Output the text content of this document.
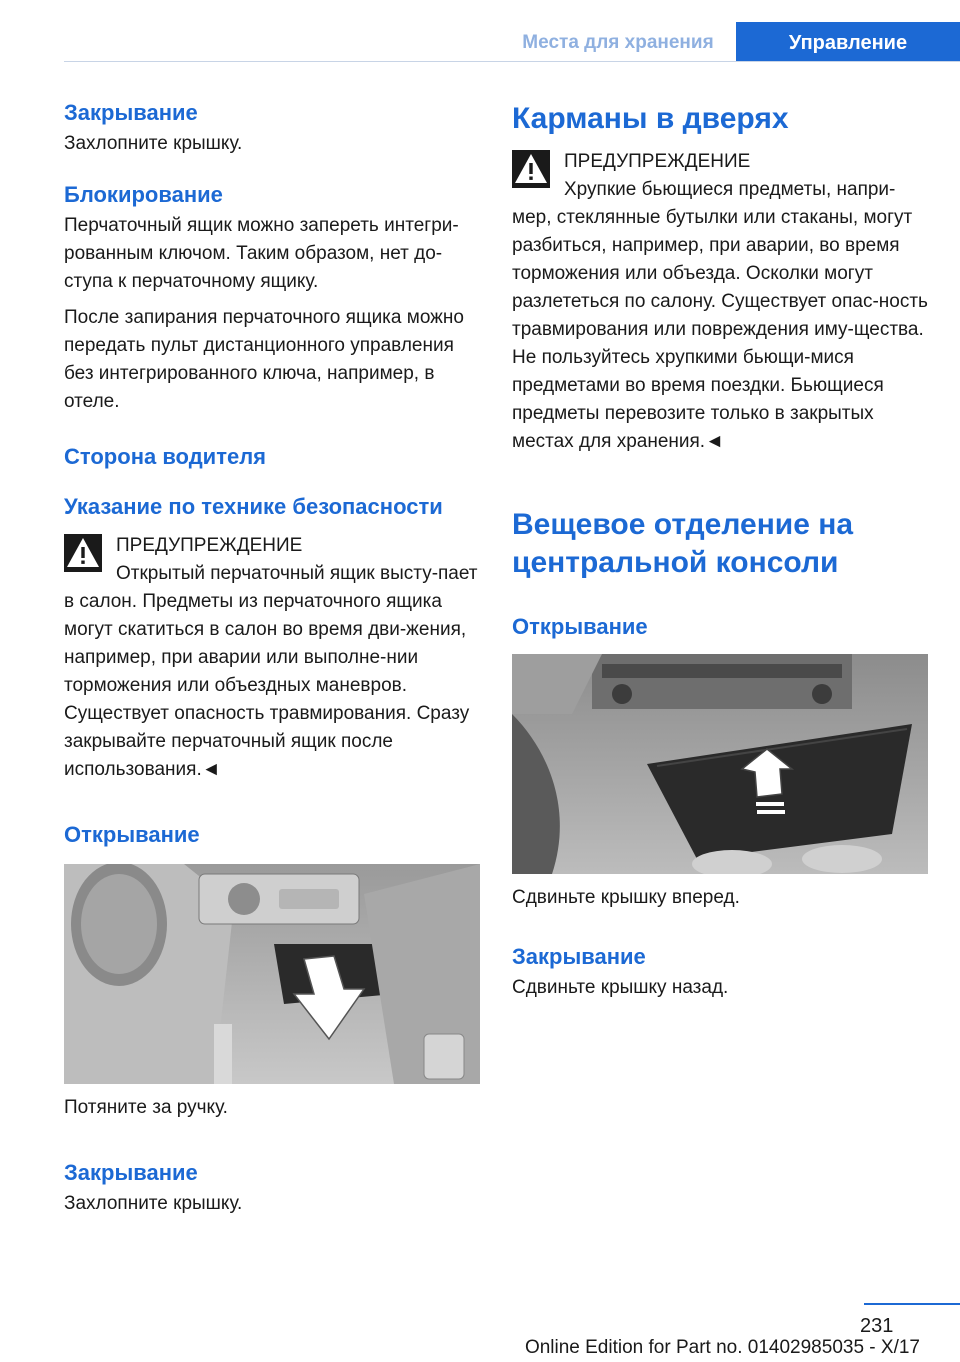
Места для хранения	Управление
Закрывание

Захлопните крышку.

Блокирование

Перчаточный ящик можно запереть интегри-рованным ключом. Таким образом, нет до-ступа к перчаточному ящику.

После запирания перчаточного ящика можно передать пульт дистанционного управления без интегрированного ключа, например, в отеле.

Сторона водителя
Указание по технике безопасности
ПРЕДУПРЕЖДЕНИЕ

Открытый перчаточный ящик высту-пает в салон. Предметы из перчаточного ящика могут скатиться в салон во время дви-жения, например, при аварии или выполне-нии торможения или объездных маневров. Существует опасность травмирования. Сразу закрывайте перчаточный ящик после использования.◄

Открывание

Потяните за ручку.

Закрывание

Захлопните крышку.

Карманы в дверях
ПРЕДУПРЕЖДЕНИЕ

Хрупкие бьющиеся предметы, напри-мер, стеклянные бутылки или стаканы, могут разбиться, например, при аварии, во время торможения или объезда. Осколки могут разлететься по салону. Существует опас-ность травмирования или повреждения иму-щества. Не пользуйтесь хрупкими бьющи-мися предметами во время поездки. Бьющиеся предметы перевозите только в закрытых местах для хранения.◄

Вещевое отделение на центральной консоли
Открывание

Сдвиньте крышку вперед.

Закрывание

Сдвиньте крышку назад.

231
Online Edition for Part no. 01402985035 - X/17
